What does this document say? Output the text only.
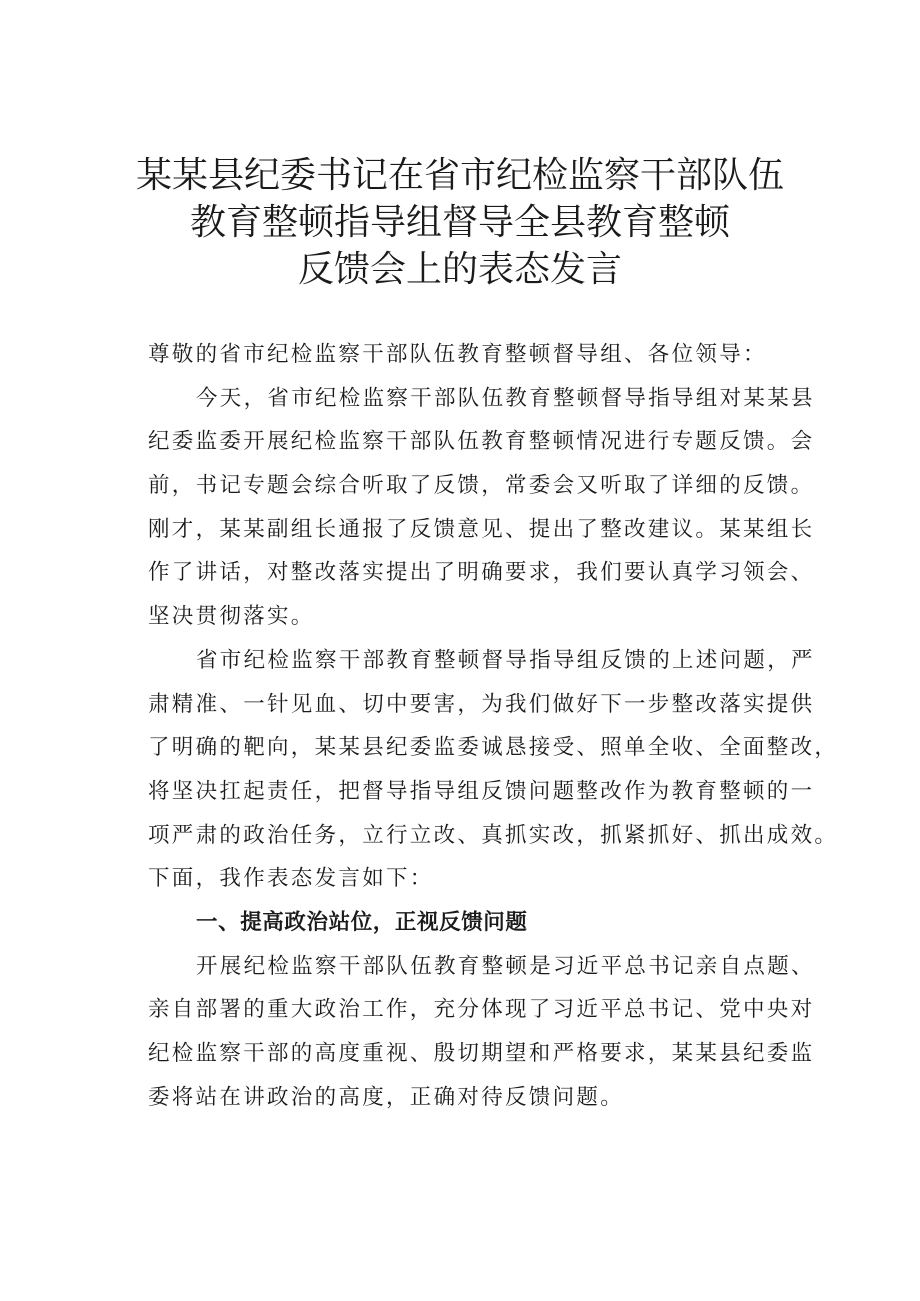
某某县纪委书记在省市纪检监察干部队伍
教育整顿指导组督导全县教育整顿
反馈会上的表态发言
尊敬的省市纪检监察干部队伍教育整顿督导组、各位领导：
今天，省市纪检监察干部队伍教育整顿督导指导组对某某县
纪委监委开展纪检监察干部队伍教育整顿情况进行专题反馈。会
前，书记专题会综合听取了反馈，常委会又听取了详细的反馈。
刚才，某某副组长通报了反馈意见、提出了整改建议。某某组长
作了讲话，对整改落实提出了明确要求，我们要认真学习领会、
坚决贯彻落实。
省市纪检监察干部教育整顿督导指导组反馈的上述问题，严
肃精准、一针见血、切中要害，为我们做好下一步整改落实提供
了明确的靶向，某某县纪委监委诚恳接受、照单全收、全面整改，
将坚决扛起责任，把督导指导组反馈问题整改作为教育整顿的一
项严肃的政治任务，立行立改、真抓实改，抓紧抓好、抓出成效。
下面，我作表态发言如下：
一、提高政治站位，正视反馈问题
开展纪检监察干部队伍教育整顿是习近平总书记亲自点题、
亲自部署的重大政治工作，充分体现了习近平总书记、党中央对
纪检监察干部的高度重视、殷切期望和严格要求，某某县纪委监
委将站在讲政治的高度，正确对待反馈问题。
